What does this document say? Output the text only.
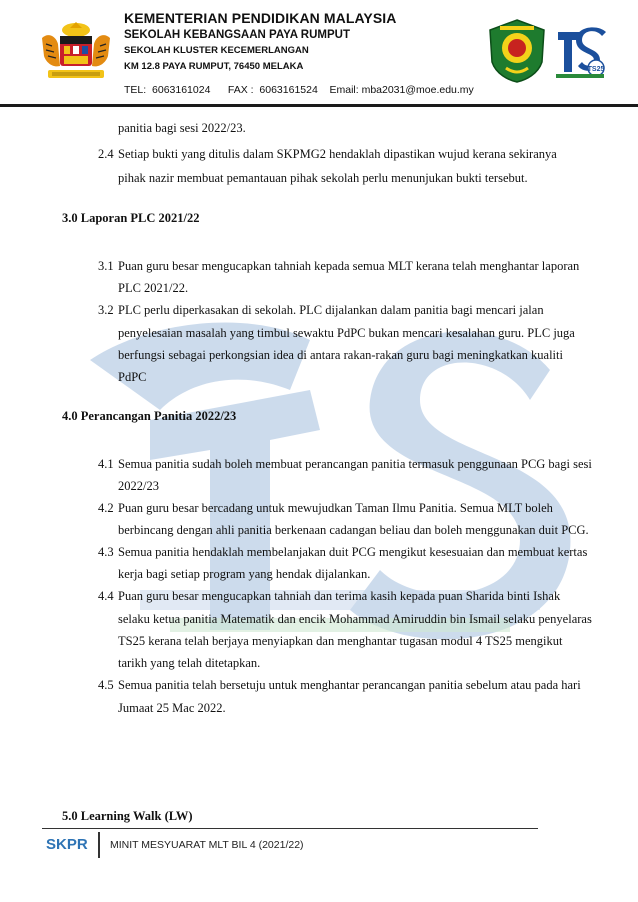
KEMENTERIAN PENDIDIKAN MALAYSIA
SEKOLAH KEBANGSAAN PAYA RUMPUT
SEKOLAH KLUSTER KECEMERLANGAN
KM 12.8 PAYA RUMPUT, 76450 MELAKA
TEL:  6063161024      FAX :  6063161524    Email: mba2031@moe.edu.my
TS25
panitia bagi sesi 2022/23.
2.4 Setiap bukti yang ditulis dalam SKPMG2 hendaklah dipastikan wujud kerana sekiranya
pihak nazir membuat pemantauan pihak sekolah perlu menunjukan bukti tersebut.
3.0 Laporan PLC 2021/22
3.1 Puan guru besar mengucapkan tahniah kepada semua MLT kerana telah menghantar laporan
PLC 2021/22.
3.2 PLC perlu diperkasakan di sekolah. PLC dijalankan dalam panitia bagi mencari jalan
penyelesaian masalah yang timbul sewaktu PdPC bukan mencari kesalahan guru. PLC juga
berfungsi sebagai perkongsian idea di antara rakan-rakan guru bagi meningkatkan kualiti
PdPC
4.0 Perancangan Panitia 2022/23
4.1 Semua panitia sudah boleh membuat perancangan panitia termasuk penggunaan PCG bagi sesi
2022/23
4.2 Puan guru besar bercadang untuk mewujudkan Taman Ilmu Panitia. Semua MLT boleh
berbincang dengan ahli panitia berkenaan cadangan beliau dan boleh menggunakan duit PCG.
4.3 Semua panitia hendaklah membelanjakan duit PCG mengikut kesesuaian dan membuat kertas
kerja bagi setiap program yang hendak dijalankan.
4.4 Puan guru besar mengucapkan tahniah dan terima kasih kepada puan Sharida binti Ishak
selaku ketua panitia Matematik dan encik Mohammad Amiruddin bin Ismail selaku penyelaras
TS25 kerana telah berjaya menyiapkan dan menghantar tugasan modul 4 TS25 mengikut
tarikh yang telah ditetapkan.
4.5 Semua panitia telah bersetuju untuk menghantar perancangan panitia sebelum atau pada hari
Jumaat 25 Mac 2022.
5.0 Learning Walk (LW)
SKPR MINIT MESYUARAT MLT BIL 4 (2021/22)
